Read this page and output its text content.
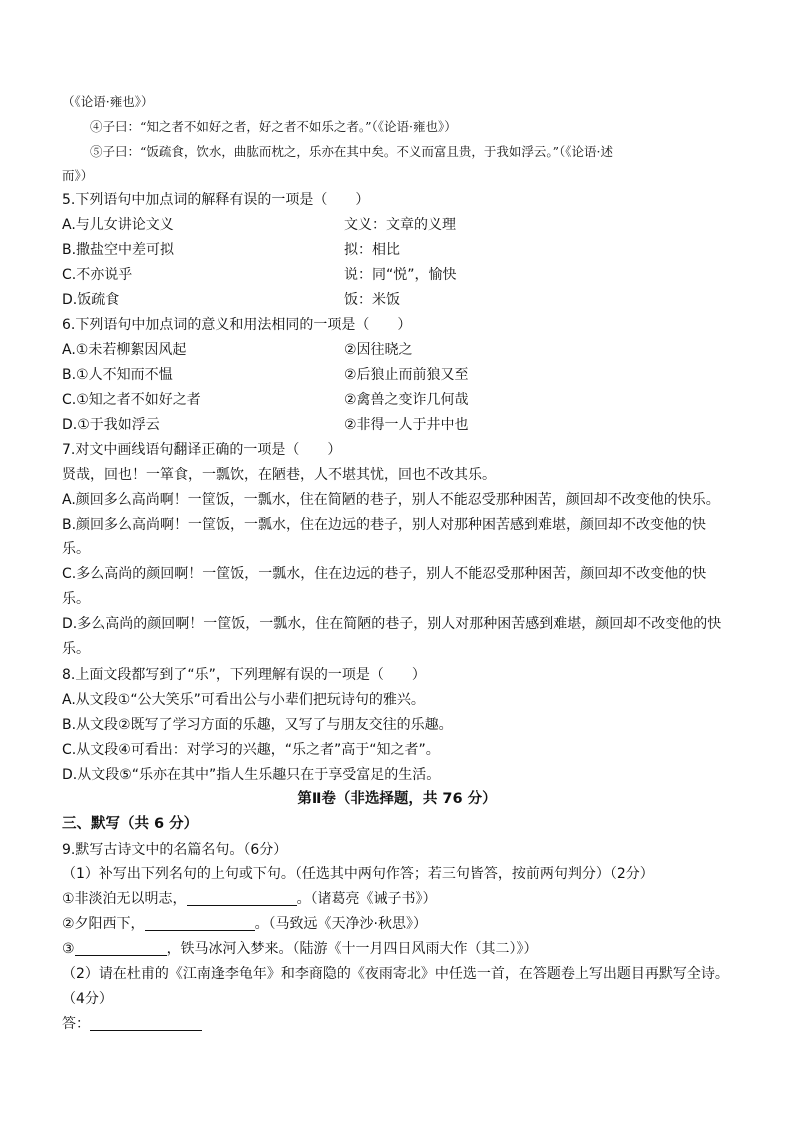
（《论语·雍也》）
④子曰：“知之者不如好之者，好之者不如乐之者。”（《论语·雍也》）
⑤子曰：“饭疏食，饮水，曲肱而枕之，乐亦在其中矣。不义而富且贵，于我如浮云。”（《论语·述
而》）
5.下列语句中加点词的解释有误的一项是（　　）
A.与儿女讲论文义	文义：文章的义理
B.撒盐空中差可拟	拟：相比
C.不亦说乎	说：同“悦”，愉快
D.饭疏食	饭：米饭
6.下列语句中加点词的意义和用法相同的一项是（　　）
A.①未若柳絮因风起	②因往晓之
B.①人不知而不愠	②后狼止而前狼又至
C.①知之者不如好之者	②禽兽之变诈几何哉
D.①于我如浮云	②非得一人于井中也
7.对文中画线语句翻译正确的一项是（　　）
贤哉，回也！一箪食，一瓢饮，在陋巷，人不堪其忧，回也不改其乐。
A.颜回多么高尚啊！一筐饭，一瓢水，住在简陋的巷子，别人不能忍受那种困苦，颜回却不改变他的快乐。
B.颜回多么高尚啊！一筐饭，一瓢水，住在边远的巷子，别人对那种困苦感到难堪，颜回却不改变他的快
乐。
C.多么高尚的颜回啊！一筐饭，一瓢水，住在边远的巷子，别人不能忍受那种困苦，颜回却不改变他的快
乐。
D.多么高尚的颜回啊！一筐饭，一瓢水，住在简陋的巷子，别人对那种困苦感到难堪，颜回却不改变他的快
乐。
8.上面文段都写到了“乐”，下列理解有误的一项是（　　）
A.从文段①“公大笑乐”可看出公与小辈们把玩诗句的雅兴。
B.从文段②既写了学习方面的乐趣，又写了与朋友交往的乐趣。
C.从文段④可看出：对学习的兴趣，“乐之者”高于“知之者”。
D.从文段⑤“乐亦在其中”指人生乐趣只在于享受富足的生活。
第Ⅱ卷（非选择题，共 76 分）
三、默写（共 6 分）
9.默写古诗文中的名篇名句。（6分）
（1）补写出下列名句的上句或下句。（任选其中两句作答；若三句皆答，按前两句判分）（2分）
①非淡泊无以明志，	。（诸葛亮《诫子书》）
②夕阳西下，	。（马致远《天净沙·秋思》）
③	，铁马冰河入梦来。（陆游《十一月四日风雨大作（其二）》）
（2）请在杜甫的《江南逢李龟年》和李商隐的《夜雨寄北》中任选一首，在答题卷上写出题目再默写全诗。
（4分）
答：
